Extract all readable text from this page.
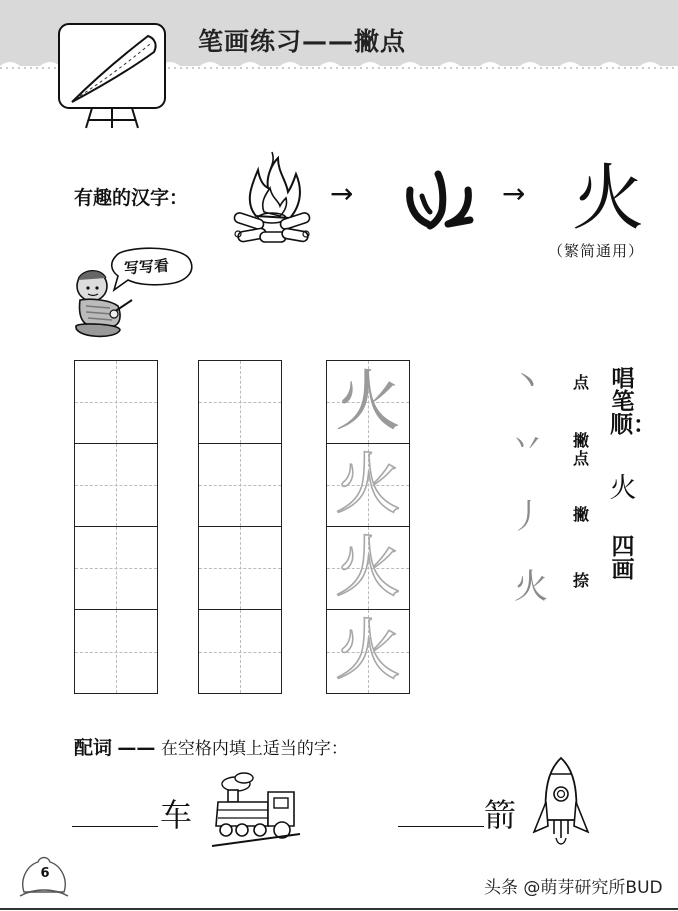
笔画练习——撇点
有趣的汉字：	→	→ 火
（繁简通用）
写写看
火
火
火
火
丶 点
丷 撇点
丿 撇
火 捺
唱笔顺：
火
四画
配词 —— 在空格内填上适当的字：
车	箭
6
头条 @萌芽研究所BUD
